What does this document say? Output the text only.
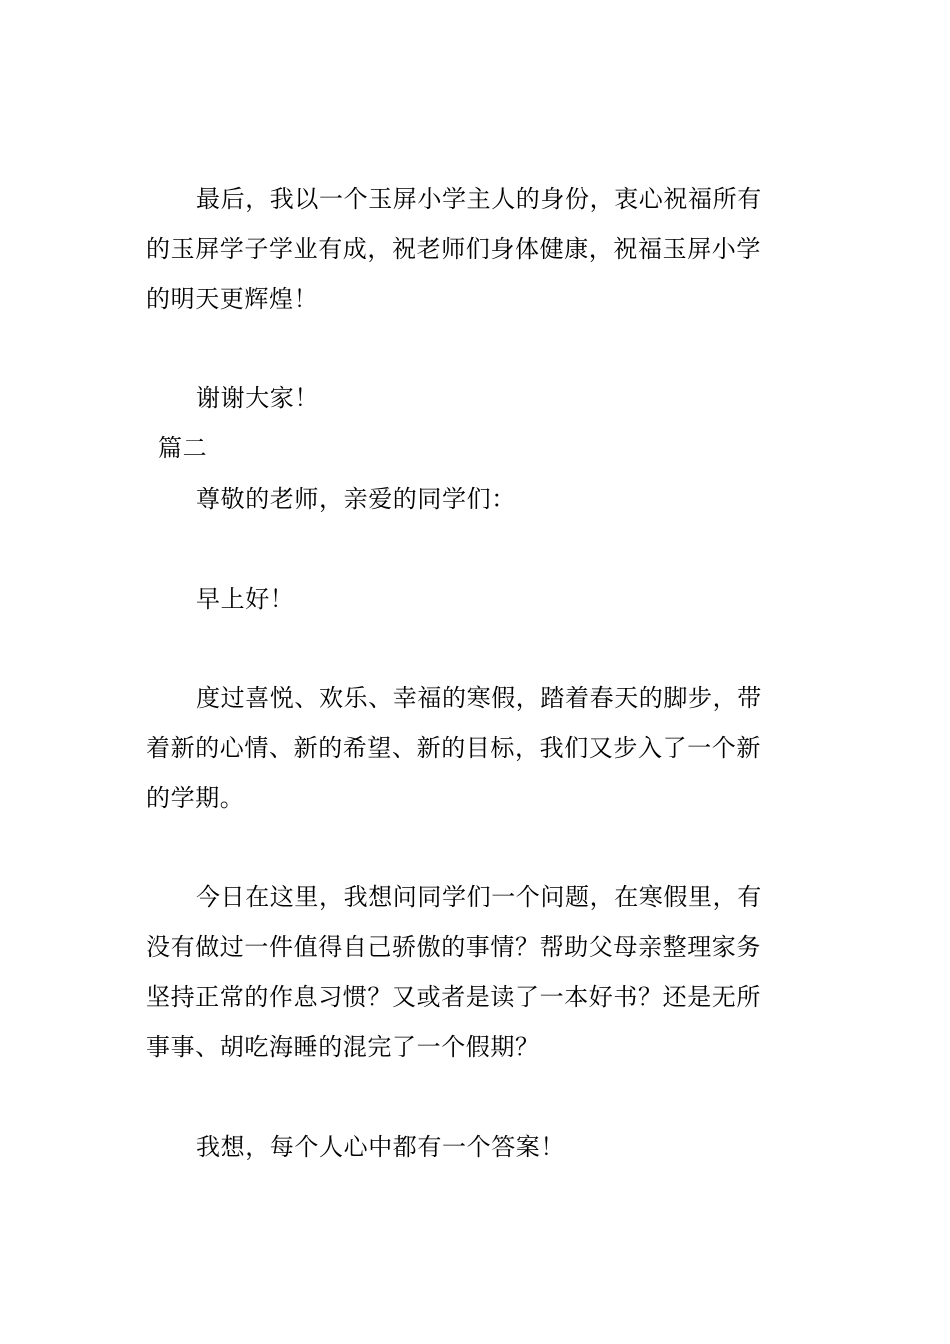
最后，我以一个玉屏小学主人的身份，衷心祝福所有

的玉屏学子学业有成，祝老师们身体健康，祝福玉屏小学

的明天更辉煌！

谢谢大家！

篇二

尊敬的老师，亲爱的同学们：

早上好！

度过喜悦、欢乐、幸福的寒假，踏着春天的脚步，带

着新的心情、新的希望、新的目标，我们又步入了一个新

的学期。

今日在这里，我想问同学们一个问题，在寒假里，有

没有做过一件值得自己骄傲的事情？帮助父母亲整理家务

坚持正常的作息习惯？又或者是读了一本好书？还是无所

事事、胡吃海睡的混完了一个假期？

我想，每个人心中都有一个答案！
